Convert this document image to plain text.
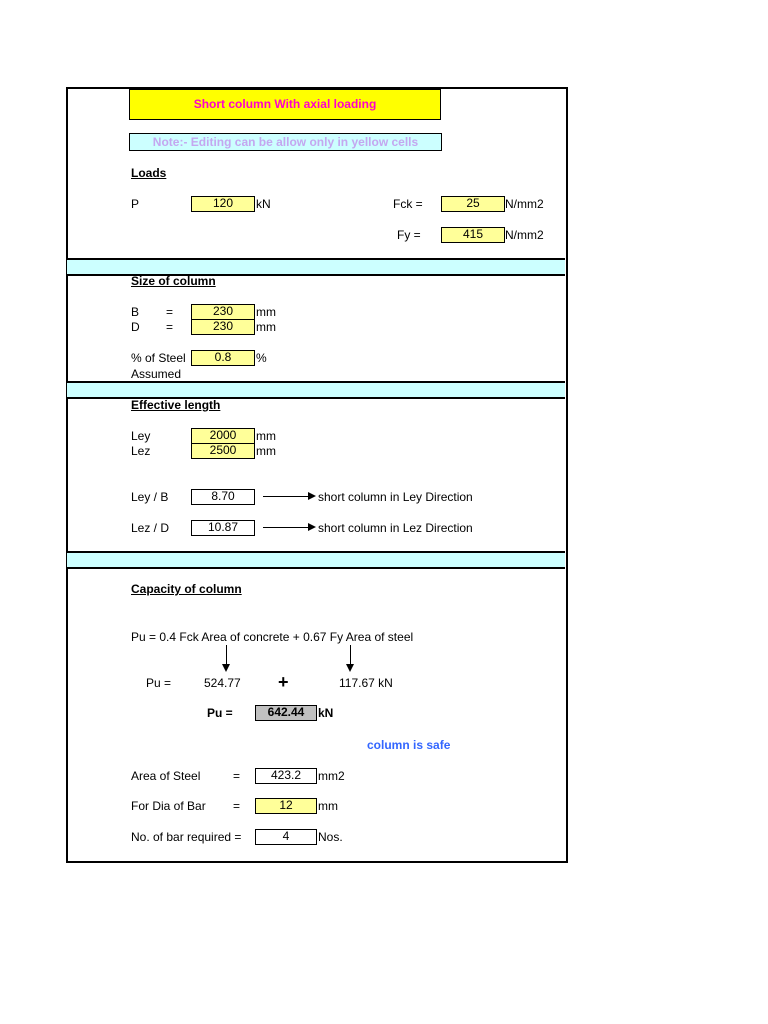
Short column With axial loading
Note:- Editing can be allow only in yellow cells
Loads
P	120	kN	Fck =	25	N/mm2
Fy =	415	N/mm2
Size of column
B =	230	mm
D =	230	mm
% of Steel
Assumed
0.8	%
Effective length
Ley	2000	mm
Lez	2500	mm
Ley / B	8.70	short column in Ley Direction
Lez / D	10.87	short column in Lez Direction
Capacity of column
Pu = 0.4 Fck Area of concrete + 0.67 Fy Area of steel
Pu =	524.77 +	117.67 kN
Pu =	642.44	kN
column is safe
Area of Steel	=	423.2	mm2
For Dia of Bar =	12	mm
No. of bar required =	4	Nos.
